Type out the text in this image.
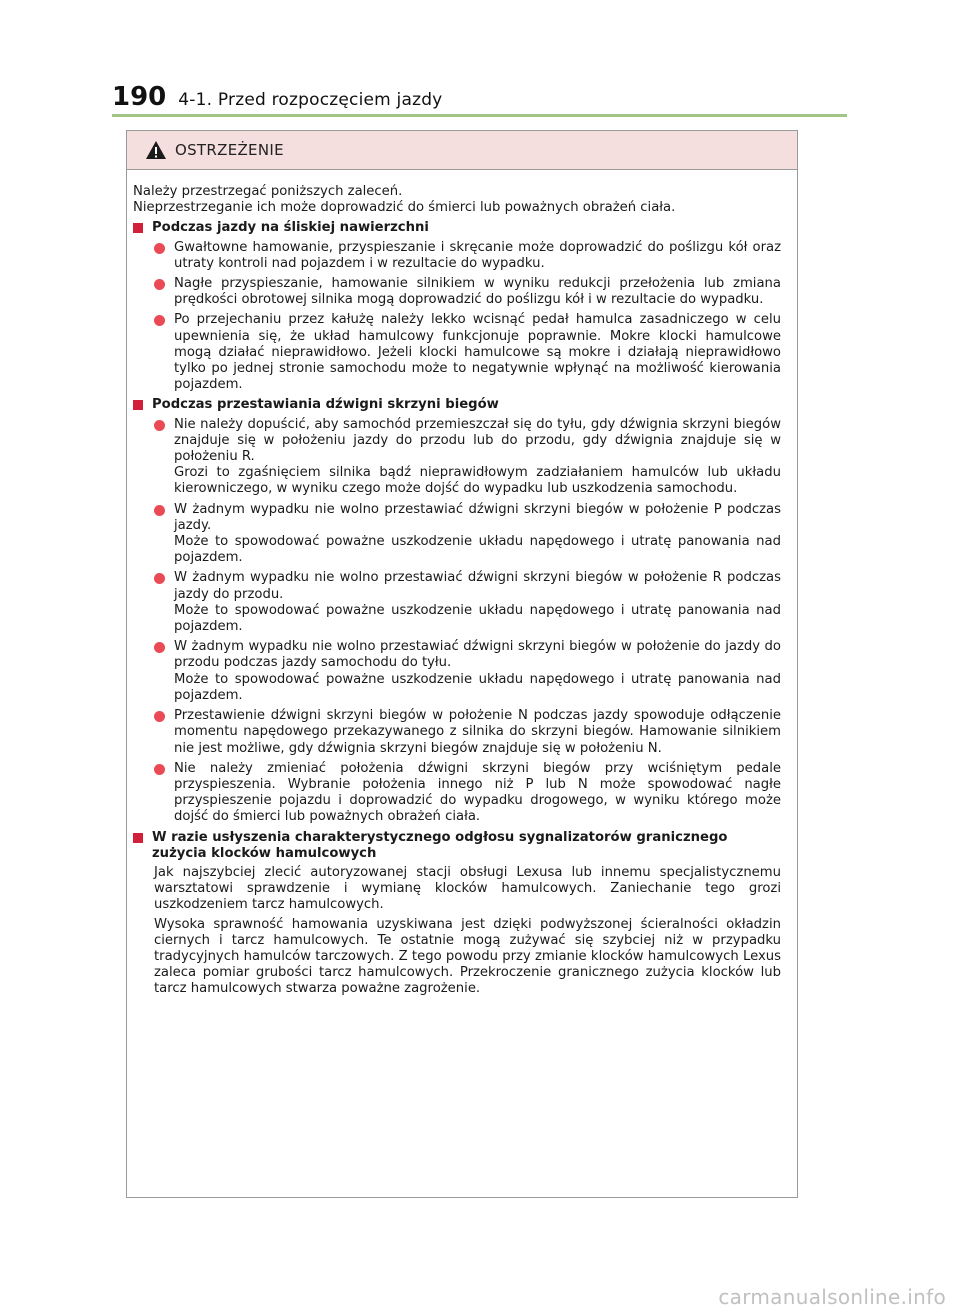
190 4-1. Przed rozpoczęciem jazdy
OSTRZEŻENIE

Należy przestrzegać poniższych zaleceń.

Nieprzestrzeganie ich może doprowadzić do śmierci lub poważnych obrażeń ciała.

Podczas jazdy na śliskiej nawierzchni

Gwałtowne hamowanie, przyspieszanie i skręcanie może doprowadzić do poślizgu kół oraz utraty kontroli nad pojazdem i w rezultacie do wypadku.

Nagłe przyspieszanie, hamowanie silnikiem w wyniku redukcji przełożenia lub zmiana prędkości obrotowej silnika mogą doprowadzić do poślizgu kół i w rezultacie do wypadku.

Po przejechaniu przez kałużę należy lekko wcisnąć pedał hamulca zasadniczego w celu upewnienia się, że układ hamulcowy funkcjonuje poprawnie. Mokre klocki hamulcowe mogą działać nieprawidłowo. Jeżeli klocki hamulcowe są mokre i działają nieprawidłowo tylko po jednej stronie samochodu może to negatywnie wpłynąć na możliwość kierowania pojazdem.

Podczas przestawiania dźwigni skrzyni biegów

Nie należy dopuścić, aby samochód przemieszczał się do tyłu, gdy dźwignia skrzyni biegów znajduje się w położeniu jazdy do przodu lub do przodu, gdy dźwignia znajduje się w położeniu R.

Grozi to zgaśnięciem silnika bądź nieprawidłowym zadziałaniem hamulców lub układu kierowniczego, w wyniku czego może dojść do wypadku lub uszkodzenia samochodu.

W żadnym wypadku nie wolno przestawiać dźwigni skrzyni biegów w położenie P podczas jazdy.

Może to spowodować poważne uszkodzenie układu napędowego i utratę panowania nad pojazdem.

W żadnym wypadku nie wolno przestawiać dźwigni skrzyni biegów w położenie R podczas jazdy do przodu.

Może to spowodować poważne uszkodzenie układu napędowego i utratę panowania nad pojazdem.

W żadnym wypadku nie wolno przestawiać dźwigni skrzyni biegów w położenie do jazdy do przodu podczas jazdy samochodu do tyłu.

Może to spowodować poważne uszkodzenie układu napędowego i utratę panowania nad pojazdem.

Przestawienie dźwigni skrzyni biegów w położenie N podczas jazdy spowoduje odłączenie momentu napędowego przekazywanego z silnika do skrzyni biegów. Hamowanie silnikiem nie jest możliwe, gdy dźwignia skrzyni biegów znajduje się w położeniu N.

Nie należy zmieniać położenia dźwigni skrzyni biegów przy wciśniętym pedale przyspieszenia. Wybranie położenia innego niż P lub N może spowodować nagłe przyspieszenie pojazdu i doprowadzić do wypadku drogowego, w wyniku którego może dojść do śmierci lub poważnych obrażeń ciała.

W razie usłyszenia charakterystycznego odgłosu sygnalizatorów granicznego zużycia klocków hamulcowych

Jak najszybciej zlecić autoryzowanej stacji obsługi Lexusa lub innemu specjalistycznemu warsztatowi sprawdzenie i wymianę klocków hamulcowych. Zaniechanie tego grozi uszkodzeniem tarcz hamulcowych.

Wysoka sprawność hamowania uzyskiwana jest dzięki podwyższonej ścieralności okładzin ciernych i tarcz hamulcowych. Te ostatnie mogą zużywać się szybciej niż w przypadku tradycyjnych hamulców tarczowych. Z tego powodu przy zmianie klocków hamulcowych Lexus zaleca pomiar grubości tarcz hamulcowych. Przekroczenie granicznego zużycia klocków lub tarcz hamulcowych stwarza poważne zagrożenie.

carmanualsonline.info
